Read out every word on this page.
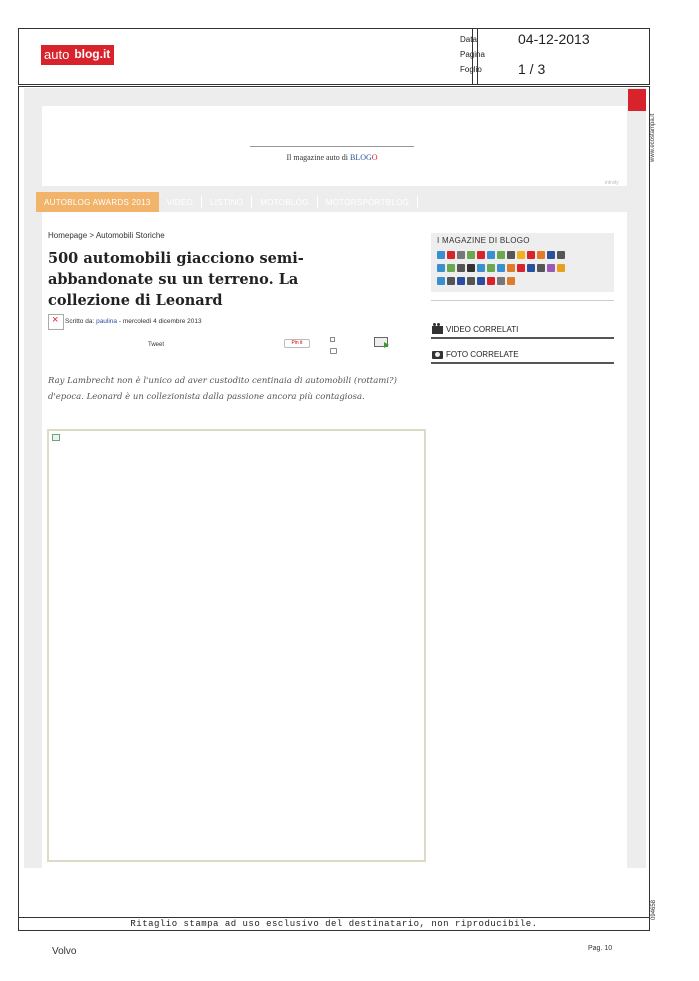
auto blog.it
Data	04-12-2013
Pagina
Foglio	1 / 3
Il magazine auto di BLOGO
intrafy
AUTOBLOG AWARDS 2013	VIDEO	LISTINO	MOTOBLOG	MOTORSPORTBLOG
Homepage > Automobili Storiche
500 automobili giacciono semi-abbandonate su un terreno. La collezione di Leonard
×
Scritto da: paulina - mercoledì 4 dicembre 2013
Tweet	Pin it

Ray Lambrecht non è l'unico ad aver custodito centinaia di automobili (rottami?) d'epoca. Leonard è un collezionista dalla passione ancora più contagiosa.

I MAGAZINE DI BLOGO
VIDEO CORRELATI
FOTO CORRELATE
www.ecostampa.it
094658
Ritaglio stampa ad uso esclusivo del destinatario, non riproducibile.
Volvo	Pag. 10
